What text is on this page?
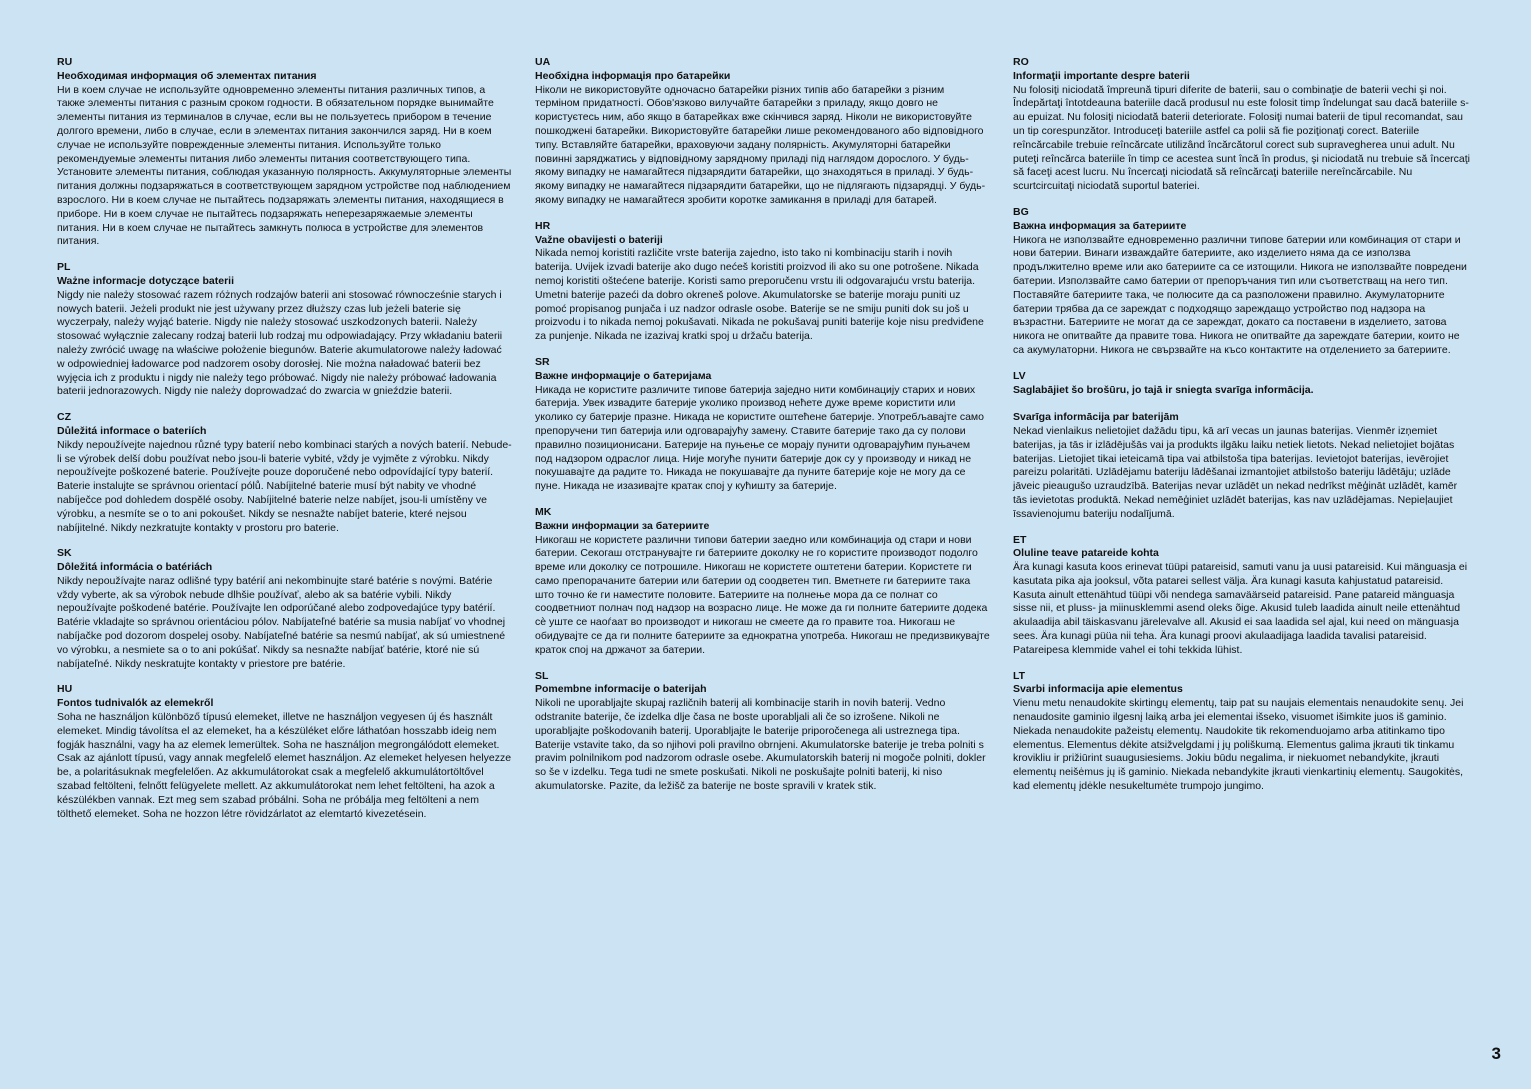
RU
Необходимая информация об элементах питания
Ни в коем случае не используйте одновременно элементы питания различных типов, а также элементы питания с разным сроком годности. В обязательном порядке вынимайте элементы питания из терминалов в случае, если вы не пользуетесь прибором в течение долгого времени, либо в случае, если в элементах питания закончился заряд. Ни в коем случае не используйте поврежденные элементы питания. Используйте только рекомендуемые элементы питания либо элементы питания соответствующего типа. Установите элементы питания, соблюдая указанную полярность. Аккумуляторные элементы питания должны подзаряжаться в соответствующем зарядном устройстве под наблюдением взрослого. Ни в коем случае не пытайтесь подзаряжать элементы питания, находящиеся в приборе. Ни в коем случае не пытайтесь подзаряжать неперезаряжаемые элементы питания. Ни в коем случае не пытайтесь замкнуть полюса в устройстве для элементов питания.
PL
Ważne informacje dotyczące baterii
Nigdy nie należy stosować razem różnych rodzajów baterii ani stosować równocześnie starych i nowych baterii. Jeżeli produkt nie jest używany przez dłuższy czas lub jeżeli baterie się wyczerpały, należy wyjąć baterie. Nigdy nie należy stosować uszkodzonych baterii. Należy stosować wyłącznie zalecany rodzaj baterii lub rodzaj mu odpowiadający. Przy wkładaniu baterii należy zwrócić uwagę na właściwe położenie biegunów. Baterie akumulatorowe należy ładować w odpowiedniej ładowarce pod nadzorem osoby dorosłej. Nie można naładować baterii bez wyjęcia ich z produktu i nigdy nie należy tego próbować. Nigdy nie należy próbować ładowania baterii jednorazowych. Nigdy nie należy doprowadzać do zwarcia w gnieździe baterii.
CZ
Důležitá informace o bateriích
Nikdy nepoužívejte najednou různé typy baterií nebo kombinaci starých a nových baterií. Nebude-li se výrobek delší dobu používat nebo jsou-li baterie vybité, vždy je vyjměte z výrobku. Nikdy nepoužívejte poškozené baterie. Používejte pouze doporučené nebo odpovídající typy baterií. Baterie instalujte se správnou orientací pólů. Nabíjitelné baterie musí být nabity ve vhodné nabíječce pod dohledem dospělé osoby. Nabíjitelné baterie nelze nabíjet, jsou-li umístěny ve výrobku, a nesmíte se o to ani pokoušet. Nikdy se nesnažte nabíjet baterie, které nejsou nabíjitelné. Nikdy nezkratujte kontakty v prostoru pro baterie.
SK
Dôležitá informácia o batériách
Nikdy nepoužívajte naraz odlišné typy batérií ani nekombinujte staré batérie s novými. Batérie vždy vyberte, ak sa výrobok nebude dlhšie používať, alebo ak sa batérie vybili. Nikdy nepoužívajte poškodené batérie. Používajte len odporúčané alebo zodpovedajúce typy batérií. Batérie vkladajte so správnou orientáciou pólov. Nabíjateľné batérie sa musia nabíjať vo vhodnej nabíjačke pod dozorom dospelej osoby. Nabíjateľné batérie sa nesmú nabíjať, ak sú umiestnené vo výrobku, a nesmiete sa o to ani pokúšať. Nikdy sa nesnažte nabíjať batérie, ktoré nie sú nabíjateľné. Nikdy neskratujte kontakty v priestore pre batérie.
HU
Fontos tudnivalók az elemekről
Soha ne használjon különböző típusú elemeket, illetve ne használjon vegyesen új és használt elemeket. Mindig távolítsa el az elemeket, ha a készüléket előre láthatóan hosszabb ideig nem fogják használni, vagy ha az elemek lemerültek. Soha ne használjon megrongálódott elemeket. Csak az ajánlott típusú, vagy annak megfelelő elemet használjon. Az elemeket helyesen helyezze be, a polaritásuknak megfelelően. Az akkumulátorokat csak a megfelelő akkumulátortöltővel szabad feltölteni, felnőtt felügyelete mellett. Az akkumulátorokat nem lehet feltölteni, ha azok a készülékben vannak. Ezt meg sem szabad próbálni. Soha ne próbálja meg feltölteni a nem tölthető elemeket. Soha ne hozzon létre rövidzárlatot az elemtartó kivezetésein.
UA
Необхідна інформація про батарейки
Ніколи не використовуйте одночасно батарейки різних типів або батарейки з різним терміном придатності. Обов'язково вилучайте батарейки з приладу, якщо довго не користуєтесь ним, або якщо в батарейках вже скінчився заряд. Ніколи не використовуйте пошкоджені батарейки. Використовуйте батарейки лише рекомендованого або відповідного типу. Вставляйте батарейки, враховуючи задану полярність. Акумуляторні батарейки повинні заряджатись у відповідному зарядному приладі під наглядом дорослого. У будь-якому випадку не намагайтеся підзарядити батарейки, що знаходяться в приладі. У будь-якому випадку не намагайтеся підзарядити батарейки, що не підлягають підзарядці. У будь-якому випадку не намагайтеся зробити коротке замикання в приладі для батарей.
HR
Važne obavijesti o bateriji
Nikada nemoj koristiti različite vrste baterija zajedno, isto tako ni kombinaciju starih i novih baterija. Uvijek izvadi baterije ako dugo nećeš koristiti proizvod ili ako su one potrošene. Nikada nemoj koristiti oštećene baterije. Koristi samo preporučenu vrstu ili odgovarajuću vrstu baterija. Umetni baterije pazeći da dobro okreneš polove. Akumulatorske se baterije moraju puniti uz pomoć propisanog punjača i uz nadzor odrasle osobe. Baterije se ne smiju puniti dok su još u proizvodu i to nikada nemoj pokušavati. Nikada ne pokušavaj puniti baterije koje nisu predviđene za punjenje. Nikada ne izazivaj kratki spoj u držaču baterija.
SR
Важне информације о батеријама
Никада не користите различите типове батерија заједно нити комбинацију старих и нових батерија. Увек извадите батерије уколико производ нећете дуже време користити или уколико су батерије празне. Никада не користите оштећене батерије. Употребљавајте само препоручени тип батерија или одговарајућу замену. Ставите батерије тако да су полови правилно позиционисани. Батерије на пуњење се морају пунити одговарајућим пуњачем под надзором одраслог лица. Није могуће пунити батерије док су у производу и никад не покушавајте да радите то. Никада не покушавајте да пуните батерије које не могу да се пуне. Никада не изазивајте кратак спој у кућишту за батерије.
MK
Важни информации за батериите
Никогаш не користете различни типови батерии заедно или комбинација од стари и нови батерии. Секогаш отстранувајте ги батериите доколку не го користите производот подолго време или доколку се потрошиле. Никогаш не користете оштетени батерии. Користете ги само препорачаните батерии или батерии од соодветен тип. Вметнете ги батериите така што точно ќе ги наместите половите. Батериите на полнење мора да се полнат со соодветниот полнач под надзор на возрасно лице. Не може да ги полните батериите додека сѐ уште се наоѓаат во производот и никогаш не смеете да го правите тоа. Никогаш не обидувајте се да ги полните батериите за еднократна употреба. Никогаш не предизвикувајте краток спој на држачот за батерии.
SL
Pomembne informacije o baterijah
Nikoli ne uporabljajte skupaj različnih baterij ali kombinacije starih in novih baterij. Vedno odstranite baterije, če izdelka dlje časa ne boste uporabljali ali če so izrošene. Nikoli ne uporabljajte poškodovanih baterij. Uporabljajte le baterije priporočenega ali ustreznega tipa. Baterije vstavite tako, da so njihovi poli pravilno obrnjeni. Akumulatorske baterije je treba polniti s pravim polnilnikom pod nadzorom odrasle osebe. Akumulatorskih baterij ni mogoče polniti, dokler so še v izdelku. Tega tudi ne smete poskušati. Nikoli ne poskušajte polniti baterij, ki niso akumulatorske. Pazite, da ležišč za baterije ne boste spravili v kratek stik.
RO
Informaţii importante despre baterii
Nu folosiţi niciodată împreună tipuri diferite de baterii, sau o combinaţie de baterii vechi şi noi. Îndepărtaţi întotdeauna bateriile dacă produsul nu este folosit timp îndelungat sau dacă bateriile s-au epuizat. Nu folosiţi niciodată baterii deteriorate. Folosiţi numai baterii de tipul recomandat, sau un tip corespunzător. Introduceţi bateriile astfel ca polii să fie poziţionaţi corect. Bateriile reîncărcabile trebuie reîncărcate utilizând încărcătorul corect sub supravegherea unui adult. Nu puteţi reîncărca bateriile în timp ce acestea sunt încă în produs, şi niciodată nu trebuie să încercaţi să faceţi acest lucru. Nu încercaţi niciodată să reîncărcaţi bateriile nereîncărcabile. Nu scurtcircuitaţi niciodată suportul bateriei.
BG
Важна информация за батериите
Никога не използвайте едновременно различни типове батерии или комбинация от стари и нови батерии. Винаги изваждайте батериите, ако изделието няма да се използва продължително време или ако батериите са се изтощили. Никога не използвайте повредени батерии. Използвайте само батерии от препоръчания тип или съответстващ на него тип. Поставяйте батериите така, че полюсите да са разположени правилно. Акумулаторните батерии трябва да се зареждат с подходящо зареждащо устройство под надзора на възрастни. Батериите не могат да се зареждат, докато са поставени в изделието, затова никога не опитвайте да правите това. Никога не опитвайте да зареждате батерии, които не са акумулаторни. Никога не свързвайте на късо контактите на отделението за батериите.
LV
Saglabājiet šo brošūru, jo tajā ir sniegta svarīga informācija.
Svarīga informācija par baterijām
Nekad vienlaikus nelietojiet dažādu tipu, kā arī vecas un jaunas baterijas. Vienmēr izņemiet baterijas, ja tās ir izlādējušās vai ja produkts ilgāku laiku netiek lietots. Nekad nelietojiet bojātas baterijas. Lietojiet tikai ieteicamā tipa vai atbilstoša tipa baterijas. Ievietojot baterijas, ievērojiet pareizu polaritāti. Uzlādējamu bateriju lādēšanai izmantojiet atbilstošo bateriju lādētāju; uzlāde jāveic pieaugušo uzraudzībā. Baterijas nevar uzlādēt un nekad nedrīkst mēģināt uzlādēt, kamēr tās ievietotas produktā. Nekad nemēģiniet uzlādēt baterijas, kas nav uzlādējamas. Nepieļaujiet īssavienojumu bateriju nodalījumā.
ET
Oluline teave patareide kohta
Ära kunagi kasuta koos erinevat tüüpi patareisid, samuti vanu ja uusi patareisid. Kui mänguasja ei kasutata pika aja jooksul, võta patarei sellest välja. Ära kunagi kasuta kahjustatud patareisid. Kasuta ainult ettenähtud tüüpi või nendega samaväärseid patareisid. Pane patareid mänguasja sisse nii, et pluss- ja miinusklemmi asend oleks õige. Akusid tuleb laadida ainult neile ettenähtud akulaadija abil täiskasvanu järelevalve all. Akusid ei saa laadida sel ajal, kui need on mänguasja sees. Ära kunagi püüa nii teha. Ära kunagi proovi akulaadijaga laadida tavalisi patareisid. Patareipesa klemmide vahel ei tohi tekkida lühist.
LT
Svarbi informacija apie elementus
Vienu metu nenaudokite skirtingų elementų, taip pat su naujais elementais nenaudokite senų. Jei nenaudosite gaminio ilgesnį laiką arba jei elementai išseko, visuomet išimkite juos iš gaminio. Niekada nenaudokite pažeistų elementų. Naudokite tik rekomenduojamo arba atitinkamo tipo elementus. Elementus dėkite atsižvelgdami į jų poliškumą. Elementus galima įkrauti tik tinkamu krovikliu ir prižiūrint suaugusiesiems. Jokiu būdu negalima, ir niekuomet nebandykite, įkrauti elementų neišėmus jų iš gaminio. Niekada nebandykite įkrauti vienkartinių elementų. Saugokitės, kad elementų įdėkle nesukeltumėte trumpojo jungimo.
3
